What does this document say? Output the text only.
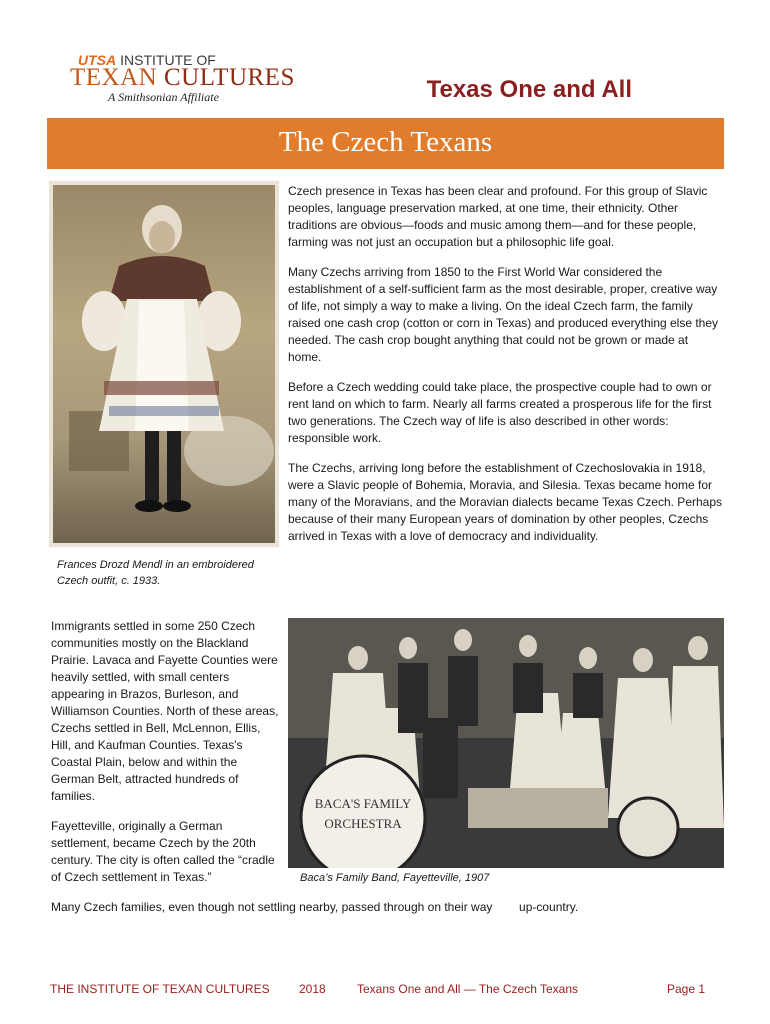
UTSA INSTITUTE OF
TEXAN CULTURES
A Smithsonian Affiliate	Texas One and All
The Czech Texans
Frances Drozd Mendl in an embroidered Czech outfit, c. 1933.

Czech presence in Texas has been clear and profound. For this group of Slavic peoples, language preservation marked, at one time, their ethnicity. Other traditions are obvious—foods and music among them—and for these people, farming was not just an occupation but a philosophic life goal.

Many Czechs arriving from 1850 to the First World War considered the establishment of a self-sufficient farm as the most desirable, proper, creative way of life, not simply a way to make a living. On the ideal Czech farm, the family raised one cash crop (cotton or corn in Texas) and produced everything else they needed. The cash crop bought anything that could not be grown or made at home.

Before a Czech wedding could take place, the prospective couple had to own or rent land on which to farm. Nearly all farms created a prosperous life for the first two generations. The Czech way of life is also described in other words: responsible work.

The Czechs, arriving long before the establishment of Czechoslovakia in 1918, were a Slavic people of Bohemia, Moravia, and Silesia. Texas became home for many of the Moravians, and the Moravian dialects became Texas Czech. Perhaps because of their many European years of domination by other peoples, Czechs arrived in Texas with a love of democracy and individuality.

Immigrants settled in some 250 Czech communities mostly on the Blackland Prairie. Lavaca and Fayette Counties were heavily settled, with small centers appearing in Brazos, Burleson, and Williamson Counties. North of these areas, Czechs settled in Bell, McLennon, Ellis, Hill, and Kaufman Counties. Texas's Coastal Plain, below and within the German Belt, attracted hundreds of families.

Fayetteville, originally a German settlement, became Czech by the 20th century. The city is often called the “cradle of Czech settlement in Texas.”

BACA'S FAMILY
ORCHESTRA
Baca’s Family Band, Fayetteville, 1907
Many Czech families, even though not settling nearby, passed through on their way        up-country.
THE INSTITUTE OF TEXAN CULTURES 2018	Texans One and All — The Czech Texans	Page 1
